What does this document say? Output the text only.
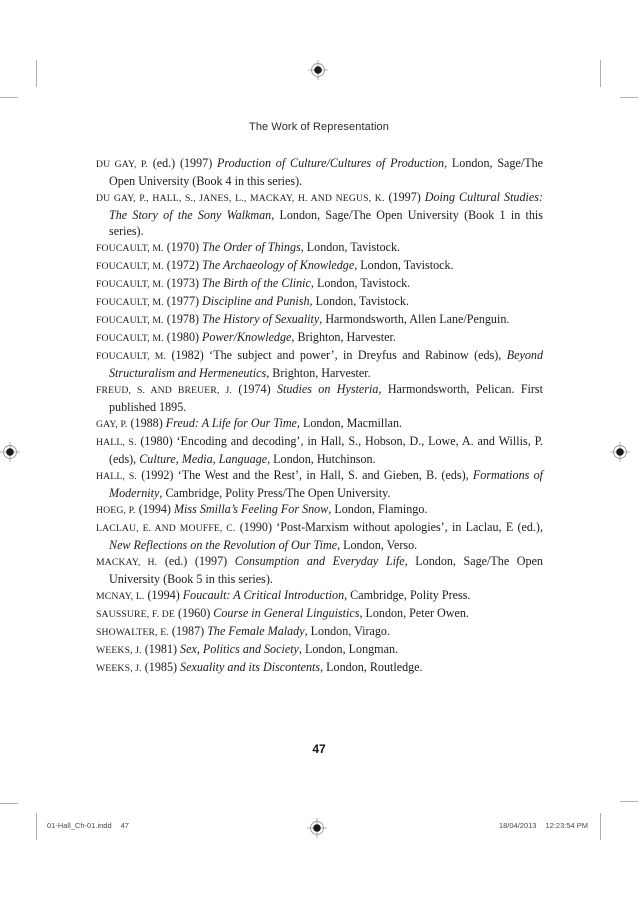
The Work of Representation

DU GAY, P. (ed.) (1997) Production of Culture/Cultures of Production, London, Sage/The Open University (Book 4 in this series).

DU GAY, P., HALL, S., JANES, L., MACKAY, H. AND NEGUS, K. (1997) Doing Cultural Studies: The Story of the Sony Walkman, London, Sage/The Open University (Book 1 in this series).

FOUCAULT, M. (1970) The Order of Things, London, Tavistock.

FOUCAULT, M. (1972) The Archaeology of Knowledge, London, Tavistock.

FOUCAULT, M. (1973) The Birth of the Clinic, London, Tavistock.

FOUCAULT, M. (1977) Discipline and Punish, London, Tavistock.

FOUCAULT, M. (1978) The History of Sexuality, Harmondsworth, Allen Lane/Penguin.

FOUCAULT, M. (1980) Power/Knowledge, Brighton, Harvester.

FOUCAULT, M. (1982) ‘The subject and power’, in Dreyfus and Rabinow (eds), Beyond Structuralism and Hermeneutics, Brighton, Harvester.

FREUD, S. AND BREUER, J. (1974) Studies on Hysteria, Harmondsworth, Pelican. First published 1895.

GAY, P. (1988) Freud: A Life for Our Time, London, Macmillan.

HALL, S. (1980) ‘Encoding and decoding’, in Hall, S., Hobson, D., Lowe, A. and Willis, P. (eds), Culture, Media, Language, London, Hutchinson.

HALL, S. (1992) ‘The West and the Rest’, in Hall, S. and Gieben, B. (eds), Formations of Modernity, Cambridge, Polity Press/The Open University.

HOEG, P. (1994) Miss Smilla’s Feeling For Snow, London, Flamingo.

LACLAU, E. AND MOUFFE, C. (1990) ‘Post-Marxism without apologies’, in Laclau, E (ed.), New Reflections on the Revolution of Our Time, London, Verso.

MACKAY, H. (ed.) (1997) Consumption and Everyday Life, London, Sage/The Open University (Book 5 in this series).

MCNAY, L. (1994) Foucault: A Critical Introduction, Cambridge, Polity Press.

SAUSSURE, F. DE (1960) Course in General Linguistics, London, Peter Owen.

SHOWALTER, E. (1987) The Female Malady, London, Virago.

WEEKS, J. (1981) Sex, Politics and Society, London, Longman.

WEEKS, J. (1985) Sexuality and its Discontents, London, Routledge.

47
01-Hall_Ch-01.indd 47	18/04/2013 12:23:54 PM
